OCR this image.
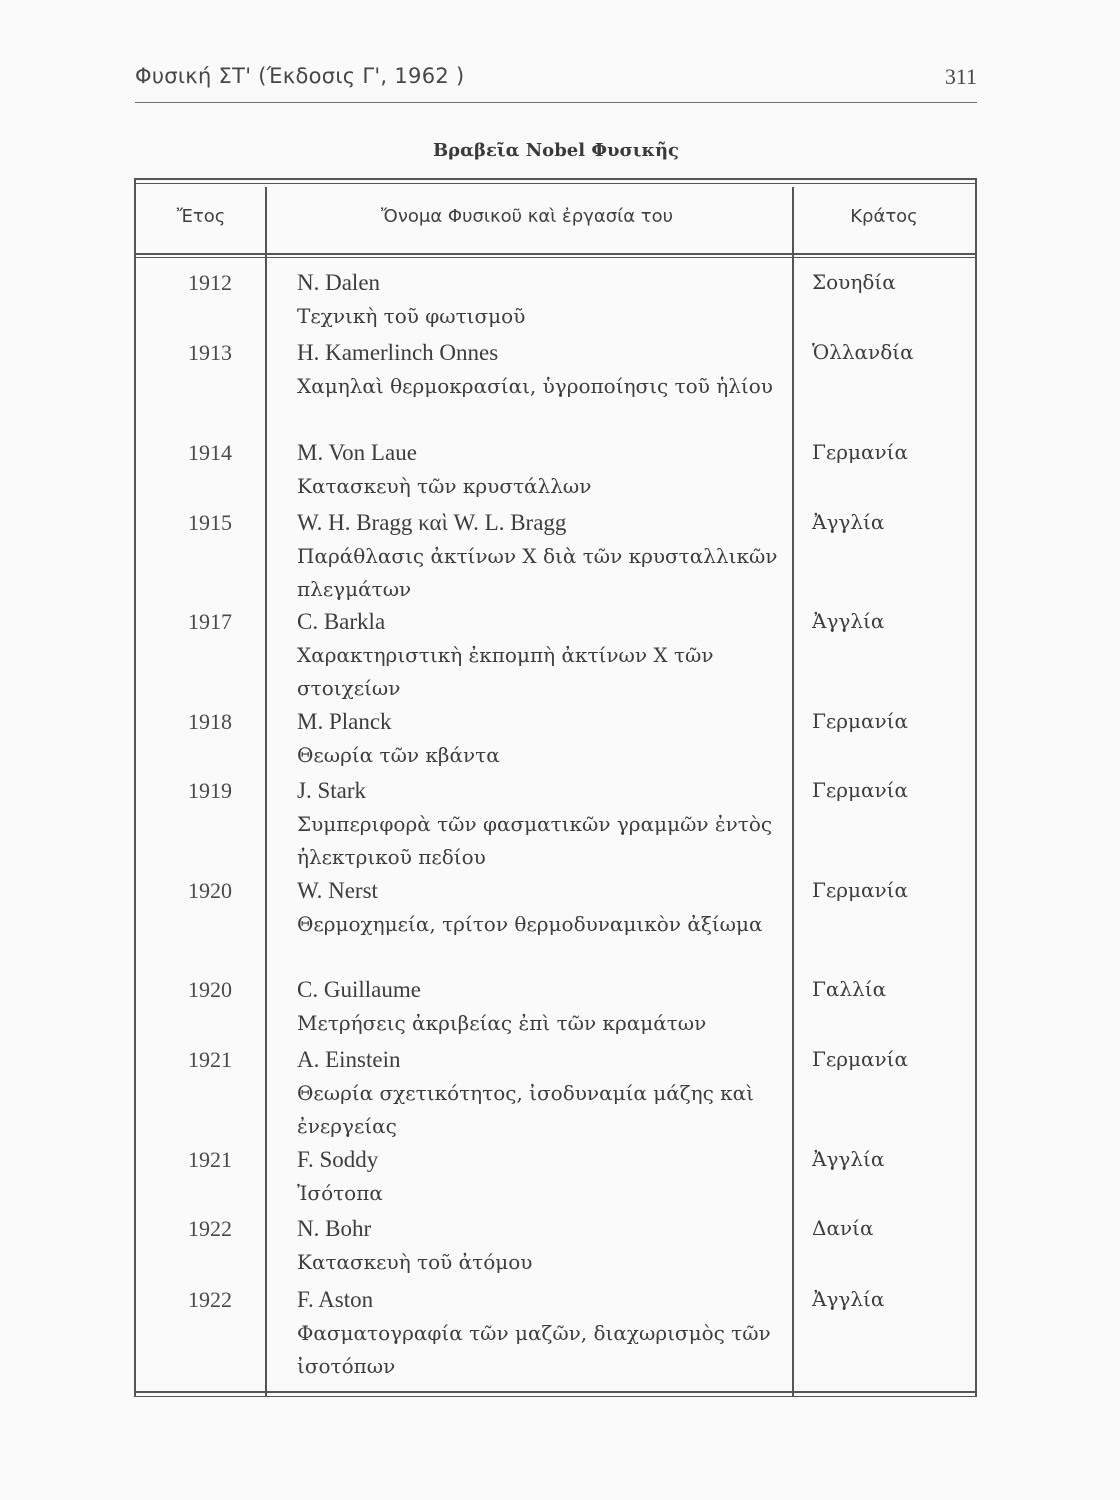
Φυσική ΣΤ' (Έκδοσις Γ', 1962 )	311
Βραβεῖα Nobel Φυσικῆς
Ἔτος	Ὄνομα Φυσικοῦ καὶ ἐργασία του	Κράτος
1912	N. Dalen
Τεχνικὴ τοῦ φωτισμοῦ
Σουηδία
1913	H. Kamerlinch Onnes
Χαμηλαὶ θερμοκρασίαι, ὑγροποίησις τοῦ ἡλίου
Ὁλλανδία
1914	M. Von Laue
Κατασκευὴ τῶν κρυστάλλων
Γερμανία
1915	W. H. Bragg καὶ W. L. Bragg
Παράθλασις ἀκτίνων Χ διὰ τῶν κρυσταλλικῶν πλεγμάτων
Ἀγγλία
1917	C. Barkla
Χαρακτηριστικὴ ἐκπομπὴ ἀκτίνων Χ τῶν στοιχείων
Ἀγγλία
1918	M. Planck
Θεωρία τῶν κβάντα
Γερμανία
1919	J. Stark
Συμπεριφορὰ τῶν φασματικῶν γραμμῶν ἐντὸς ἠλεκτρικοῦ πεδίου
Γερμανία
1920	W. Nerst
Θερμοχημεία, τρίτον θερμοδυναμικὸν ἀξίωμα
Γερμανία
1920	C. Guillaume
Μετρήσεις ἀκριβείας ἐπὶ τῶν κραμάτων
Γαλλία
1921	A. Einstein
Θεωρία σχετικότητος, ἰσοδυναμία μάζης καὶ ἐνεργείας
Γερμανία
1921	F. Soddy
Ἰσότοπα
Ἀγγλία
1922	N. Bohr
Κατασκευὴ τοῦ ἀτόμου
Δανία
1922	F. Aston
Φασματογραφία τῶν μαζῶν, διαχωρισμὸς τῶν ἰσοτόπων
Ἀγγλία
